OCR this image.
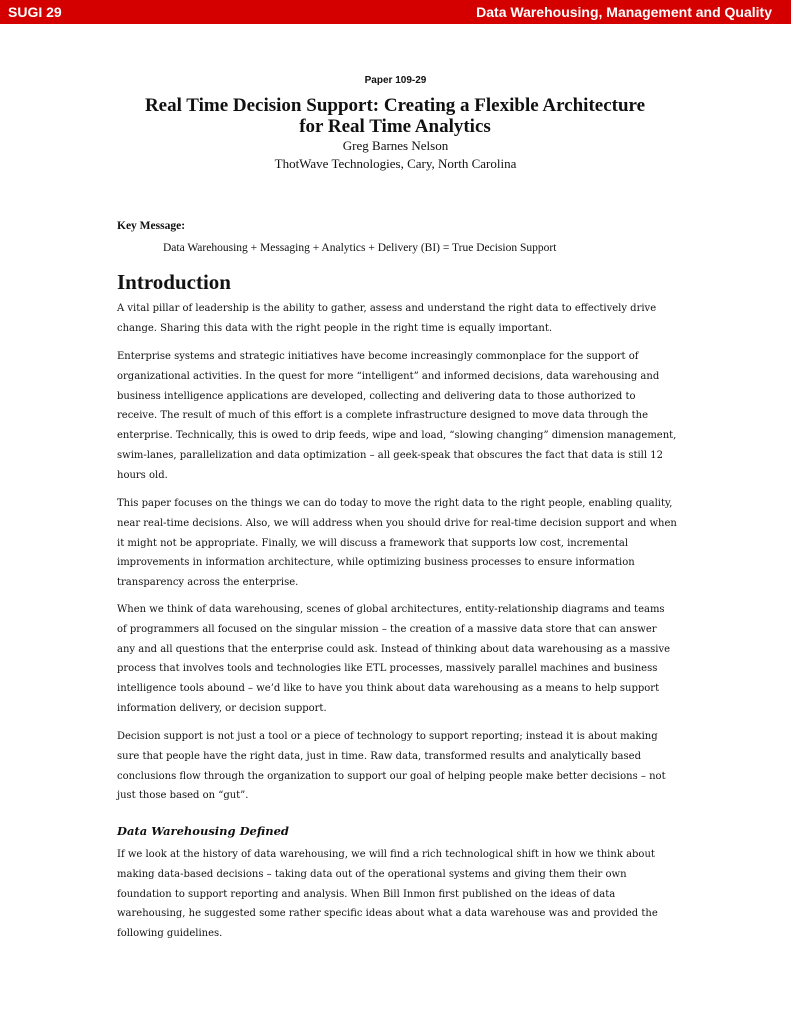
SUGI 29	Data Warehousing, Management and Quality
Paper 109-29
Real Time Decision Support: Creating a Flexible Architecture for Real Time Analytics
Greg Barnes Nelson
ThotWave Technologies, Cary, North Carolina
Key Message:
Data Warehousing + Messaging + Analytics + Delivery (BI) = True Decision Support
Introduction

A vital pillar of leadership is the ability to gather, assess and understand the right data to effectively drive change. Sharing this data with the right people in the right time is equally important.

Enterprise systems and strategic initiatives have become increasingly commonplace for the support of organizational activities. In the quest for more “intelligent” and informed decisions, data warehousing and business intelligence applications are developed, collecting and delivering data to those authorized to receive. The result of much of this effort is a complete infrastructure designed to move data through the enterprise. Technically, this is owed to drip feeds, wipe and load, “slowing changing” dimension management, swim-lanes, parallelization and data optimization – all geek-speak that obscures the fact that data is still 12 hours old.

This paper focuses on the things we can do today to move the right data to the right people, enabling quality, near real-time decisions. Also, we will address when you should drive for real-time decision support and when it might not be appropriate. Finally, we will discuss a framework that supports low cost, incremental improvements in information architecture, while optimizing business processes to ensure information transparency across the enterprise.

When we think of data warehousing, scenes of global architectures, entity-relationship diagrams and teams of programmers all focused on the singular mission – the creation of a massive data store that can answer any and all questions that the enterprise could ask. Instead of thinking about data warehousing as a massive process that involves tools and technologies like ETL processes, massively parallel machines and business intelligence tools abound – we’d like to have you think about data warehousing as a means to help support information delivery, or decision support.

Decision support is not just a tool or a piece of technology to support reporting; instead it is about making sure that people have the right data, just in time. Raw data, transformed results and analytically based conclusions flow through the organization to support our goal of helping people make better decisions – not just those based on “gut”.

Data Warehousing Defined

If we look at the history of data warehousing, we will find a rich technological shift in how we think about making data-based decisions – taking data out of the operational systems and giving them their own foundation to support reporting and analysis. When Bill Inmon first published on the ideas of data warehousing, he suggested some rather specific ideas about what a data warehouse was and provided the following guidelines.
